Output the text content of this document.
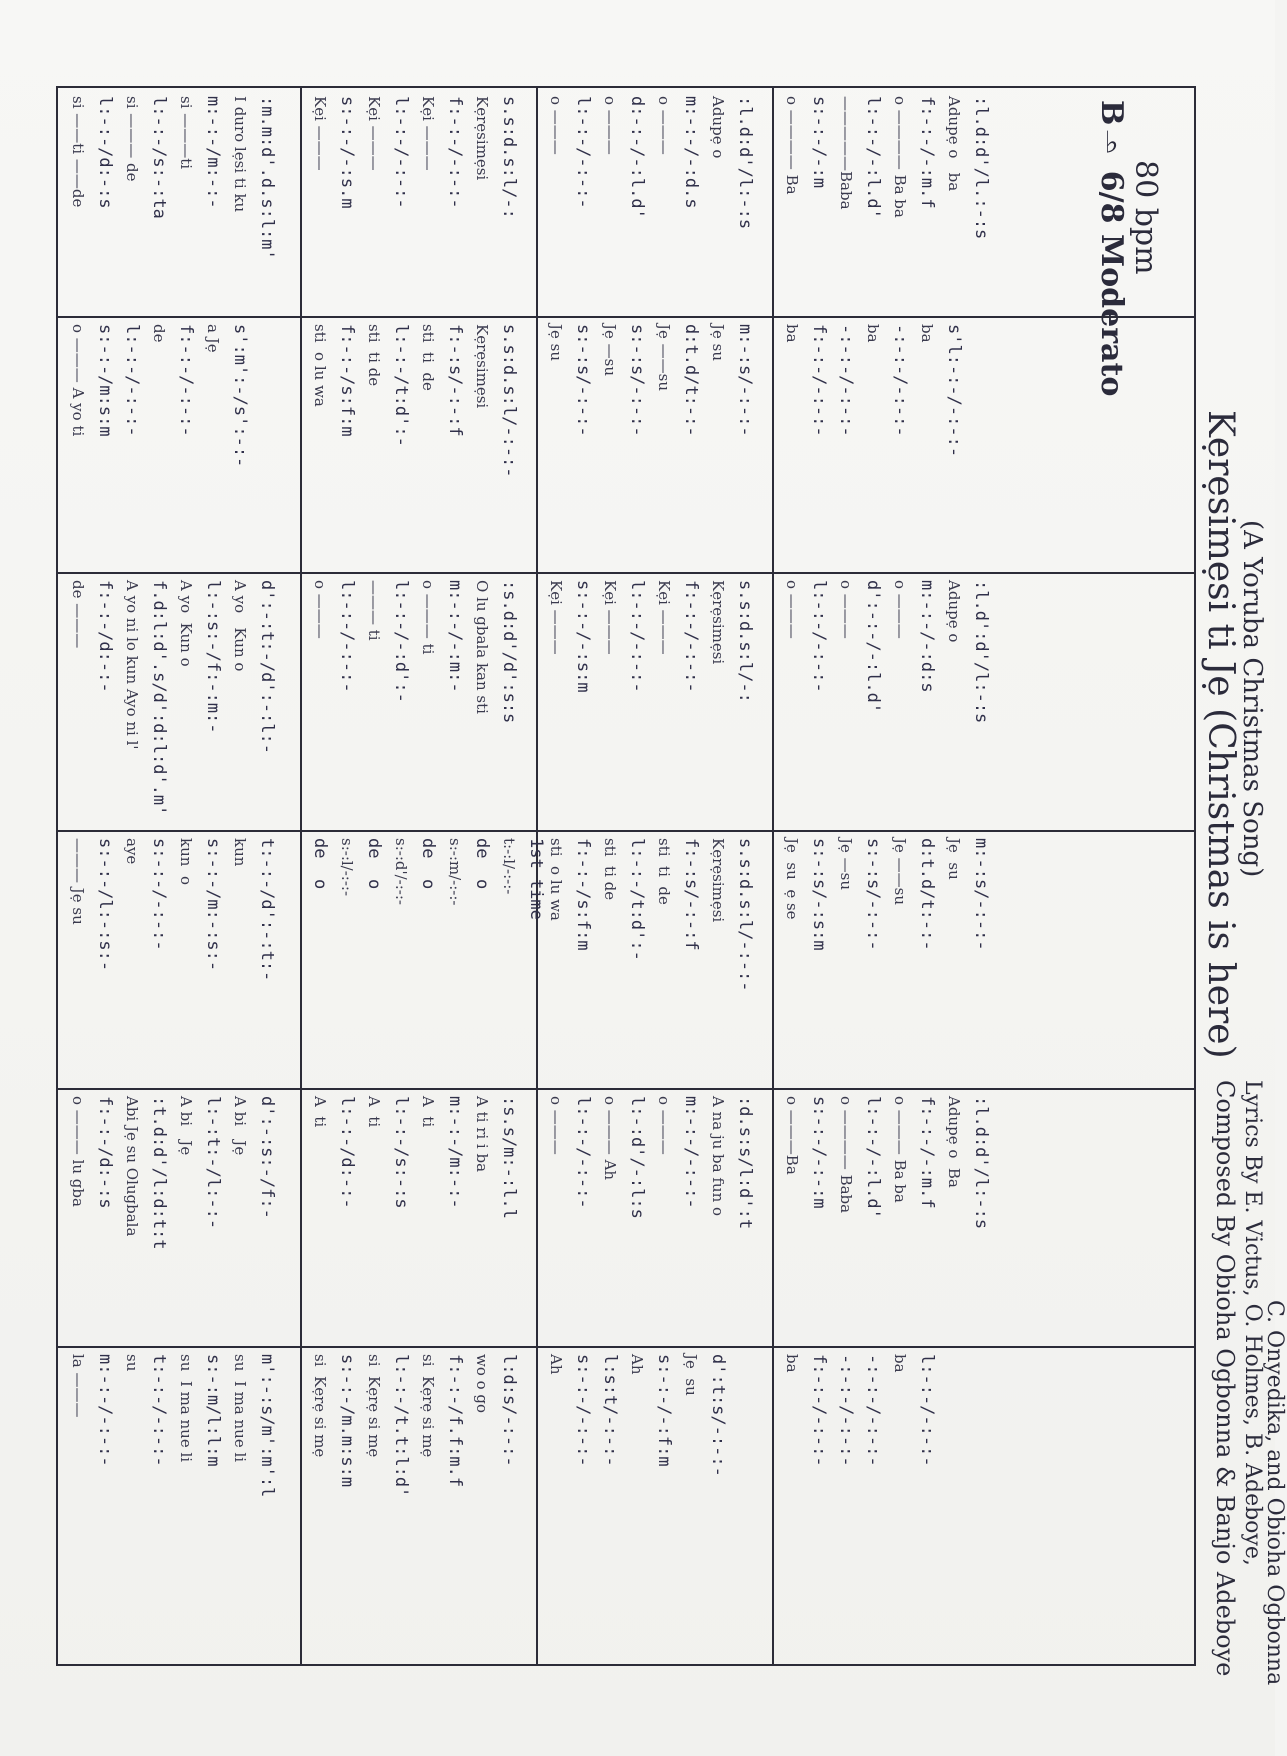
80 bpm
B♭ 6/8 Moderato
Kẹrẹsimẹsi ti Jẹ (Christmas is here)
(A Yoruba Christmas Song)
Composed By Obioha Ogbonna & Banjo Adeboye Lyrics By E. Victus, O. Holmes, B. Adeboye,
C. Onyedika, and Obioha Ogbonna
:l.d:d'/l.:-:s
Adupẹ o   ba
f:-:-/-:m.f
o ———— Ba ba
l:-:-/-:l.d'
—————Baba
s:-:-/-:m
o ———— Ba
:l.d:d'/l:-:s
Adupẹ o
m:-:-/-:d.s
o ———
d:-:-/-:l.d'
o ———
l:-:-/-:-:-
o ———
s.s:d.s:l/-:
Kẹrẹsimẹsi
f:-:-/-:-:-
Kẹi ———
l:-:-/-:-:-
Kẹi ———
s:-:-/-:s.m
Kẹi ———
:m.m:d'.d.s:l:m'
I duro lẹsi ti ku
m:-:-/m:-:-
si ———ti
l:-:-/s:-:ta
si ——— de
l:-:-/d:-:s
si ——ti ——de
s'l:-:-/-:-:-
ba
-:-:-/-:-:-
ba
-:-:-/-:-:-
f:-:-/-:-:-
ba
m:-:s/-:-:-
Jẹ su
d:t.d/t:-:-
Jẹ ——su
s:-:s/-:-:-
Jẹ —su
s:-:s/-:-:-
Jẹ su
s.s:d.s:l/-:-:-
Kẹrẹsimẹsi
f:-:s/-:-:f
sti  ti  de
l:-:-/t:d':-
sti  ti de
f:-:-/s:f:m
sti  o lu wa
s':m':-/s':-:-
a Jẹ
f:-:-/-:-:-
de
l:-:-/-:-:-
s:-:-/m:s:m
o ——— A yo ti
:l.d':d'/l:-:s
Adupẹ o
m:-:-/-:d:s
o ———
d':-:-/-:l.d'
o ———
l:-:-/-:-:-
o ———
s.s:d.s:l/-:
Kẹrẹsimẹsi
f:-:-/-:-:-
Kẹi ———
l:-:-/-:-:-
Kẹi ———
s:-:-/-:s:m
Kẹi ———
:s.d:d'/d':s:s
O lu gbala kan sti
m:-:-/-:m:-
o ——— ti
l:-:-/-:d':-
——— ti
l:-:-/-:-:-
o ———
d':-:t:-/d':-:l:-
A yo   Kun o
l:-:s:-/f:-:m:-
A yo  Kun o
f.d:l:d'.s/d':d:l:d'.m'
A yo ni lo kun Ayo ni l'
f:-:-/d:-:-
de ———
m:-:s/-:-:-
Jẹ  su
d:t.d/t:-:-
Jẹ ——su
s:-:s/-:-:-
Jẹ —su
s:-:s/-:s:m
Jẹ  su  ẹ se
s.s:d.s:l/-:-:-
Kẹrẹsimẹsi
f:-:s/-:-:f
sti  ti  de
l:-:-/t:d':-
sti  ti de
f:-:-/s:f:m
sti  o lu wa
1st time
t:-:l/-:-:-
de  o
s:-:m/-:-:-
de  o
s:-:d'/-:-:-
de  o
s:-:l/-:-:-
de  o
t:-:-/d':-:t:-
kun
s:-:-/m:-:s:-
kun  o
s:-:-/-:-:-
aye
s:-:-/l:-:s:-
——— Jẹ su
:l.d:d'/l:-:s
Adupẹ o  Ba
f:-:-/-:m.f
o ——— Ba ba
l:-:-/-:l.d'
o ———— Baba
s:-:-/-:-:m
o ———Ba
:d.s:s/l:d':t
A na ju ba fun o
m:-:-/-:-:-
o ———
l:-:d'/-:l:s
o ——— Ah
l:-:-/-:-:-
o ———
:s.s/m:-:l.l
A ti ri i ba
m:-:-/m:-:-
A  ti
l:-:-/s:-:s
A  ti
l:-:-/d:-:-
A  ti
d':-:s:-/f:-
A bi   Jẹ
l:-:t:-/l:-:-
A bi   Jẹ
:t.d:d'/l:d:t:t
Abi Jẹ su Olugbala
f:-:-/d:-:s
o ——— lu gba
l:-:-/-:-:-
ba
-:-:-/-:-:-
-:-:-/-:-:-
f:-:-/-:-:-
ba
d':t:s/-:-:-
Jẹ  su
s:-:-/-:f:m
Ah
l:s:t/-:-:-
s:-:-/-:-:-
Ah
l:d:s/-:-:-
wo o go
f:-:-/f.f:m.f
si  Kẹrẹ si mẹ
l:-:-/t.t:l:d'
si  Kẹrẹ si mẹ
s:-:-/m.m:s:m
si  Kẹrẹ si mẹ
m':-:s/m':m':l
su  I ma nue li
s:-:m/l:l:m
su  I ma nue li
t:-:-/-:-:-
su
m:-:-/-:-:-
la ———
